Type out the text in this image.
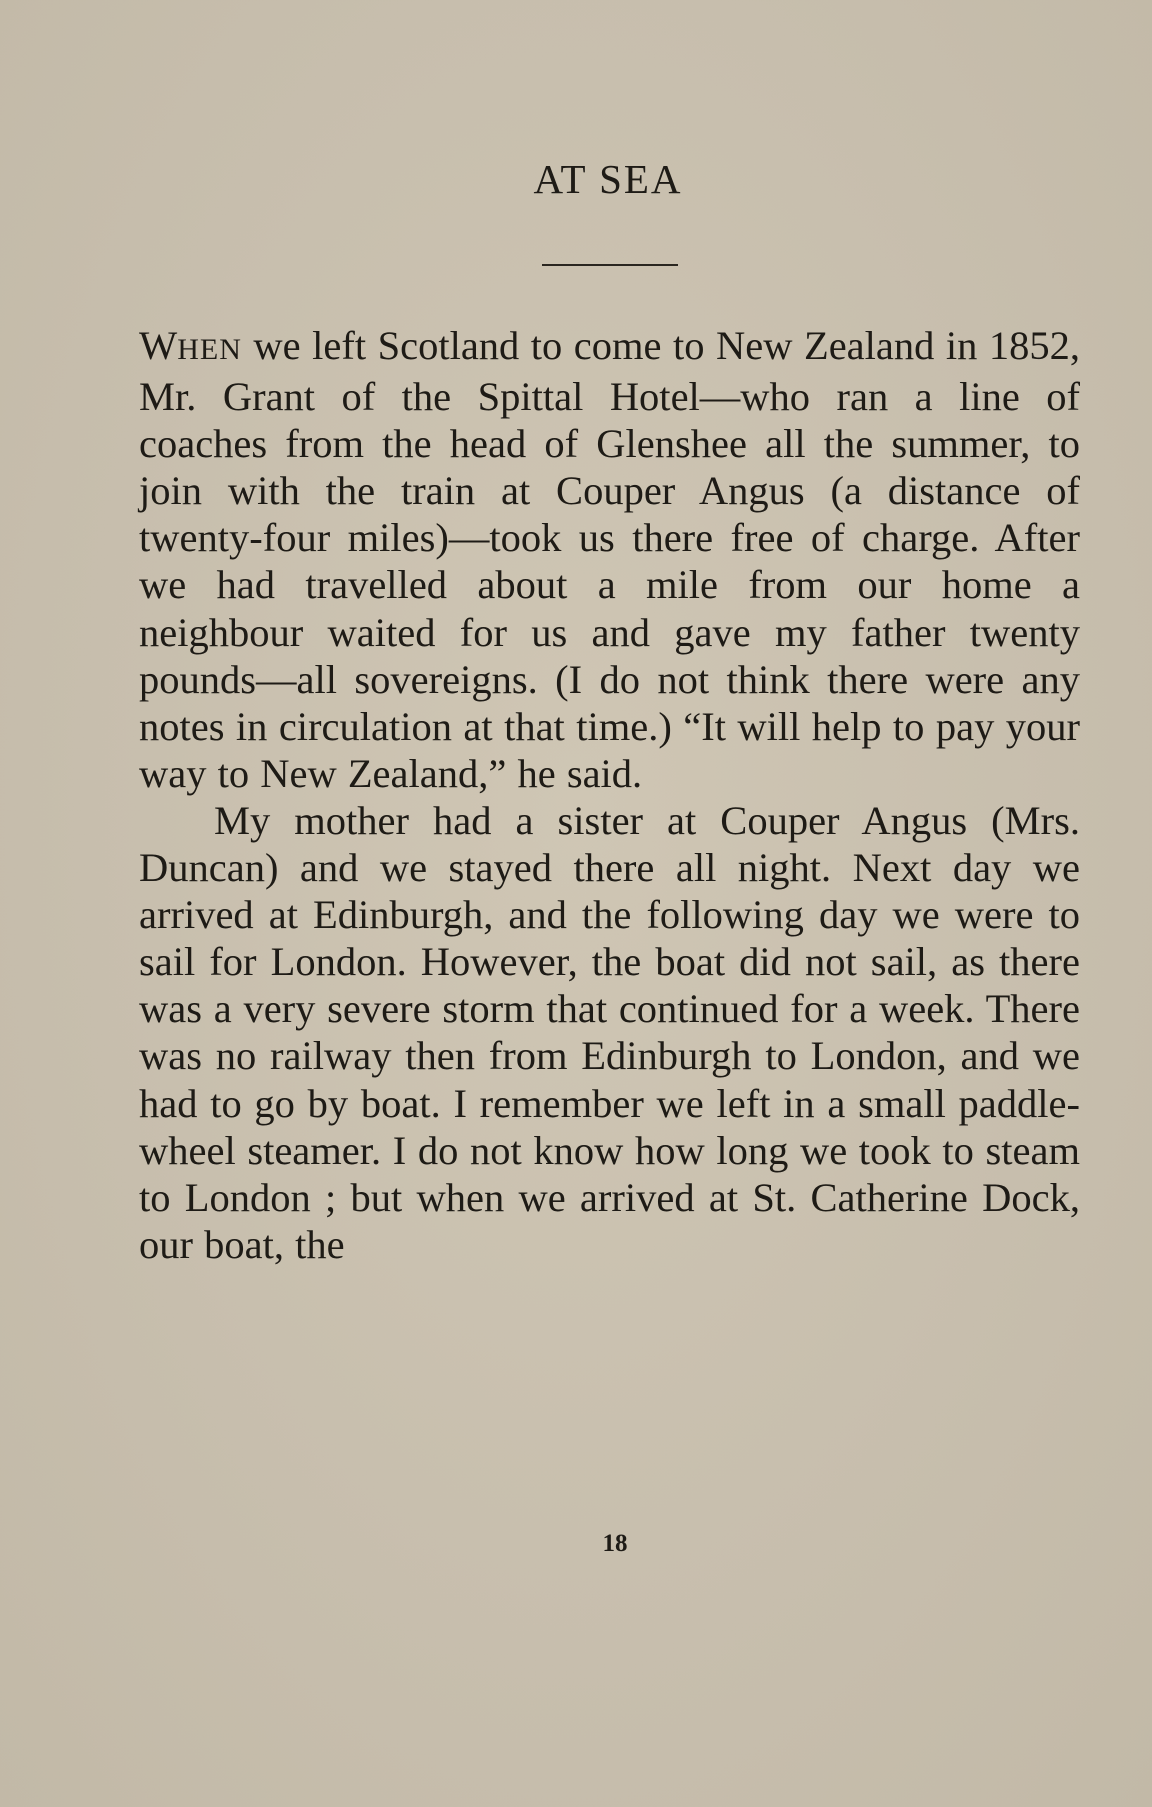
AT SEA

WHEN we left Scotland to come to New Zealand in 1852, Mr. Grant of the Spittal Hotel—who ran a line of coaches from the head of Glenshee all the summer, to join with the train at Couper Angus (a distance of twenty-four miles)—took us there free of charge. After we had travelled about a mile from our home a neighbour waited for us and gave my father twenty pounds—all sovereigns. (I do not think there were any notes in circulation at that time.) “It will help to pay your way to New Zealand,” he said.

My mother had a sister at Couper Angus (Mrs. Duncan) and we stayed there all night. Next day we arrived at Edinburgh, and the following day we were to sail for London. However, the boat did not sail, as there was a very severe storm that continued for a week. There was no railway then from Edinburgh to London, and we had to go by boat. I remember we left in a small paddle-wheel steamer. I do not know how long we took to steam to London ; but when we arrived at St. Catherine Dock, our boat, the

18
